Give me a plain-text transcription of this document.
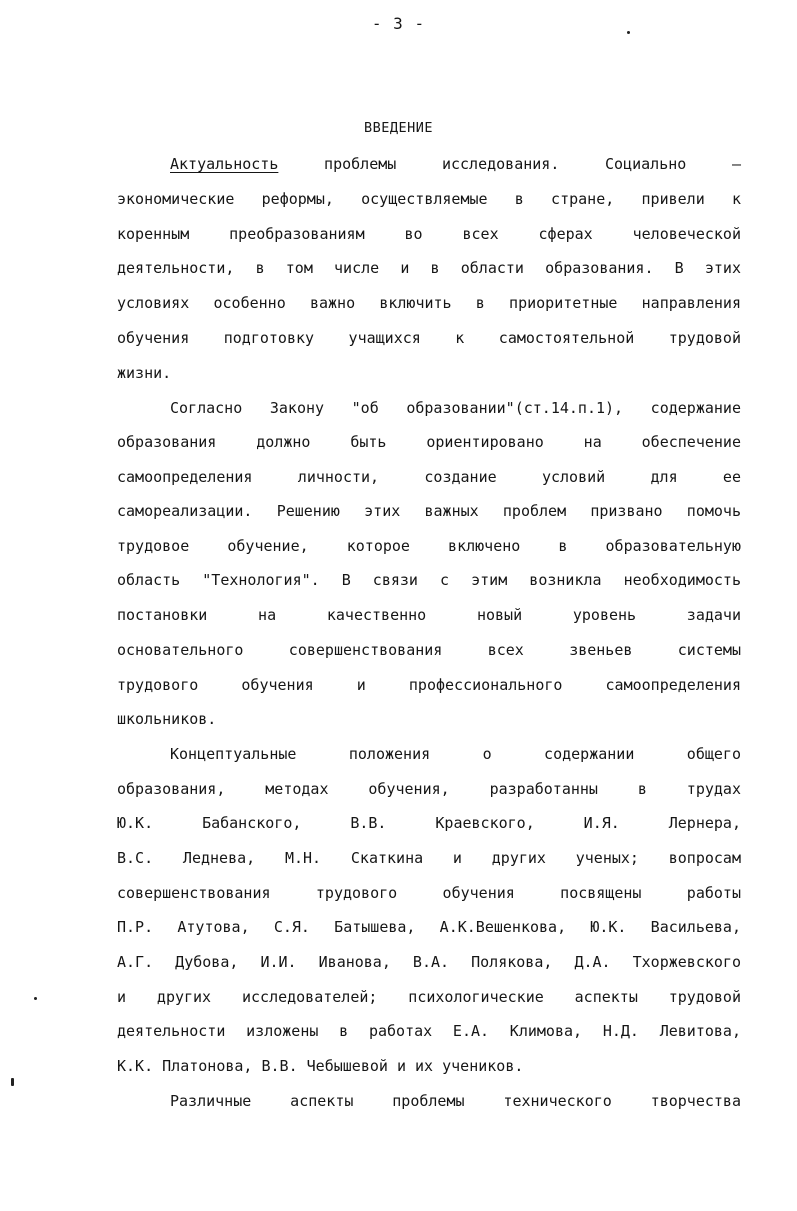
- 3 -
ВВЕДЕНИЕ
Актуальность	проблемы исследования. Социально –
экономические реформы, осуществляемые в стране, привели к
коренным преобразованиям во всех сферах человеческой
деятельности, в том числе и в области образования. В этих
условиях особенно важно включить в приоритетные направления
обучения подготовку учащихся к самостоятельной трудовой
жизни.
Согласно Закону "об образовании"(ст.14.п.1), содержание
образования должно быть ориентировано на обеспечение
самоопределения личности, создание условий для ее
самореализации. Решению этих важных проблем призвано помочь
трудовое обучение, которое включено в образовательную
область "Технология". В связи с этим возникла необходимость
постановки на качественно новый уровень задачи
основательного совершенствования всех звеньев системы
трудового обучения и профессионального самоопределения
школьников.
Концептуальные положения о содержании общего
образования, методах обучения, разработанны в трудах
Ю.К. Бабанского, В.В. Краевского, И.Я. Лернера,
В.С. Леднева, М.Н. Скаткина и других ученых; вопросам
совершенствования трудового обучения посвящены работы
П.Р. Атутова, С.Я. Батышева, А.К.Вешенкова, Ю.К. Васильева,
А.Г. Дубова, И.И. Иванова, В.А. Полякова, Д.А. Тхоржевского
и других исследователей; психологические аспекты трудовой
деятельности изложены в работах Е.А. Климова, Н.Д. Левитова,
К.К. Платонова, В.В. Чебышевой и их учеников.
Различные аспекты проблемы технического творчества
